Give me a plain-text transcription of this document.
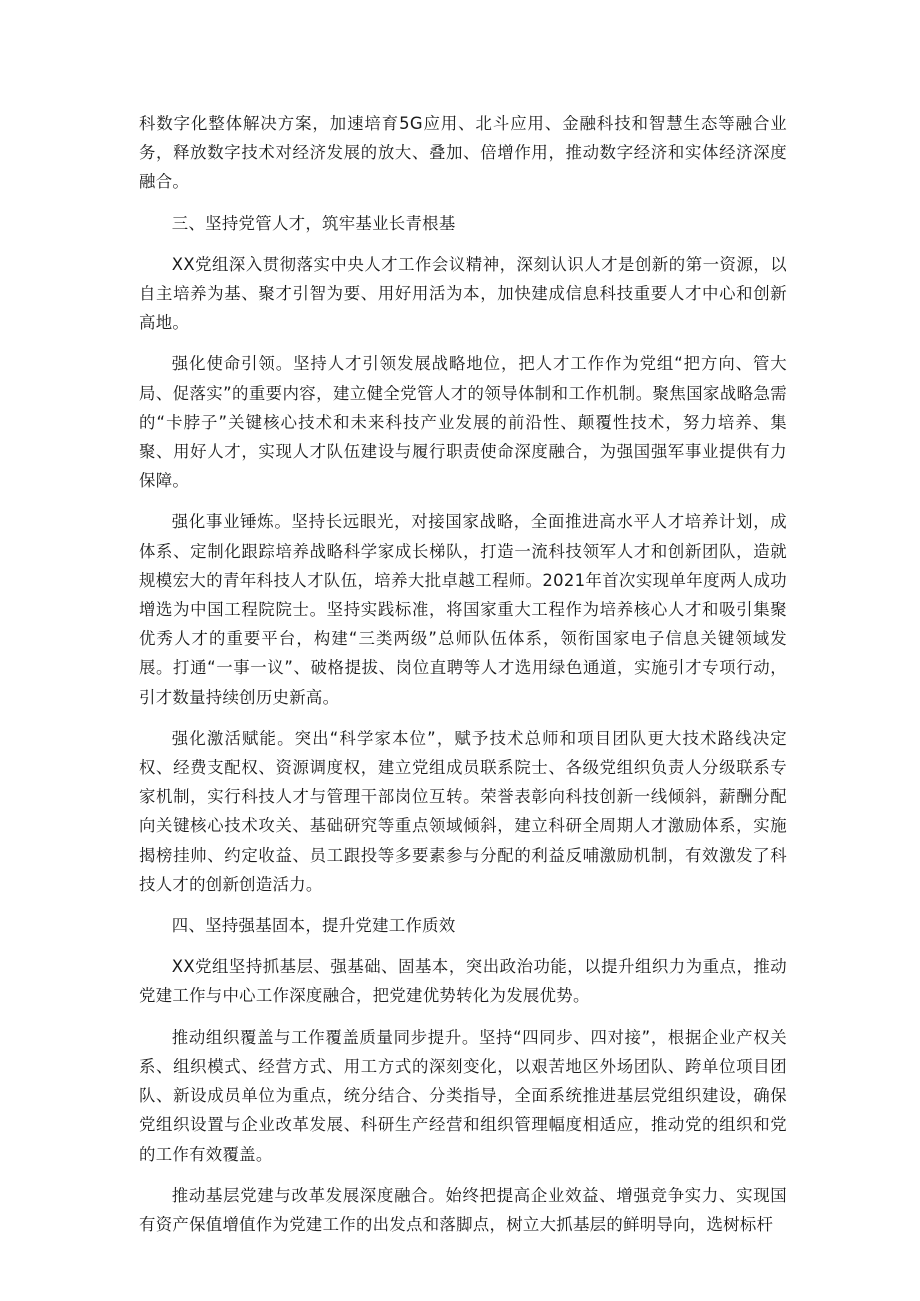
科数字化整体解决方案，加速培育5G应用、北斗应用、金融科技和智慧生态等融合业务，释放数字技术对经济发展的放大、叠加、倍增作用，推动数字经济和实体经济深度融合。

三、坚持党管人才，筑牢基业长青根基

XX党组深入贯彻落实中央人才工作会议精神，深刻认识人才是创新的第一资源，以自主培养为基、聚才引智为要、用好用活为本，加快建成信息科技重要人才中心和创新高地。

强化使命引领。坚持人才引领发展战略地位，把人才工作作为党组“把方向、管大局、促落实”的重要内容，建立健全党管人才的领导体制和工作机制。聚焦国家战略急需的“卡脖子”关键核心技术和未来科技产业发展的前沿性、颠覆性技术，努力培养、集聚、用好人才，实现人才队伍建设与履行职责使命深度融合，为强国强军事业提供有力保障。

强化事业锤炼。坚持长远眼光，对接国家战略，全面推进高水平人才培养计划，成体系、定制化跟踪培养战略科学家成长梯队，打造一流科技领军人才和创新团队，造就规模宏大的青年科技人才队伍，培养大批卓越工程师。2021年首次实现单年度两人成功增选为中国工程院院士。坚持实践标准，将国家重大工程作为培养核心人才和吸引集聚优秀人才的重要平台，构建“三类两级”总师队伍体系，领衔国家电子信息关键领域发展。打通“一事一议”、破格提拔、岗位直聘等人才选用绿色通道，实施引才专项行动，引才数量持续创历史新高。

强化激活赋能。突出“科学家本位”，赋予技术总师和项目团队更大技术路线决定权、经费支配权、资源调度权，建立党组成员联系院士、各级党组织负责人分级联系专家机制，实行科技人才与管理干部岗位互转。荣誉表彰向科技创新一线倾斜，薪酬分配向关键核心技术攻关、基础研究等重点领域倾斜，建立科研全周期人才激励体系，实施揭榜挂帅、约定收益、员工跟投等多要素参与分配的利益反哺激励机制，有效激发了科技人才的创新创造活力。

四、坚持强基固本，提升党建工作质效

XX党组坚持抓基层、强基础、固基本，突出政治功能，以提升组织力为重点，推动党建工作与中心工作深度融合，把党建优势转化为发展优势。

推动组织覆盖与工作覆盖质量同步提升。坚持“四同步、四对接”，根据企业产权关系、组织模式、经营方式、用工方式的深刻变化，以艰苦地区外场团队、跨单位项目团队、新设成员单位为重点，统分结合、分类指导，全面系统推进基层党组织建设，确保党组织设置与企业改革发展、科研生产经营和组织管理幅度相适应，推动党的组织和党的工作有效覆盖。

推动基层党建与改革发展深度融合。始终把提高企业效益、增强竞争实力、实现国有资产保值增值作为党建工作的出发点和落脚点，树立大抓基层的鲜明导向，选树标杆
